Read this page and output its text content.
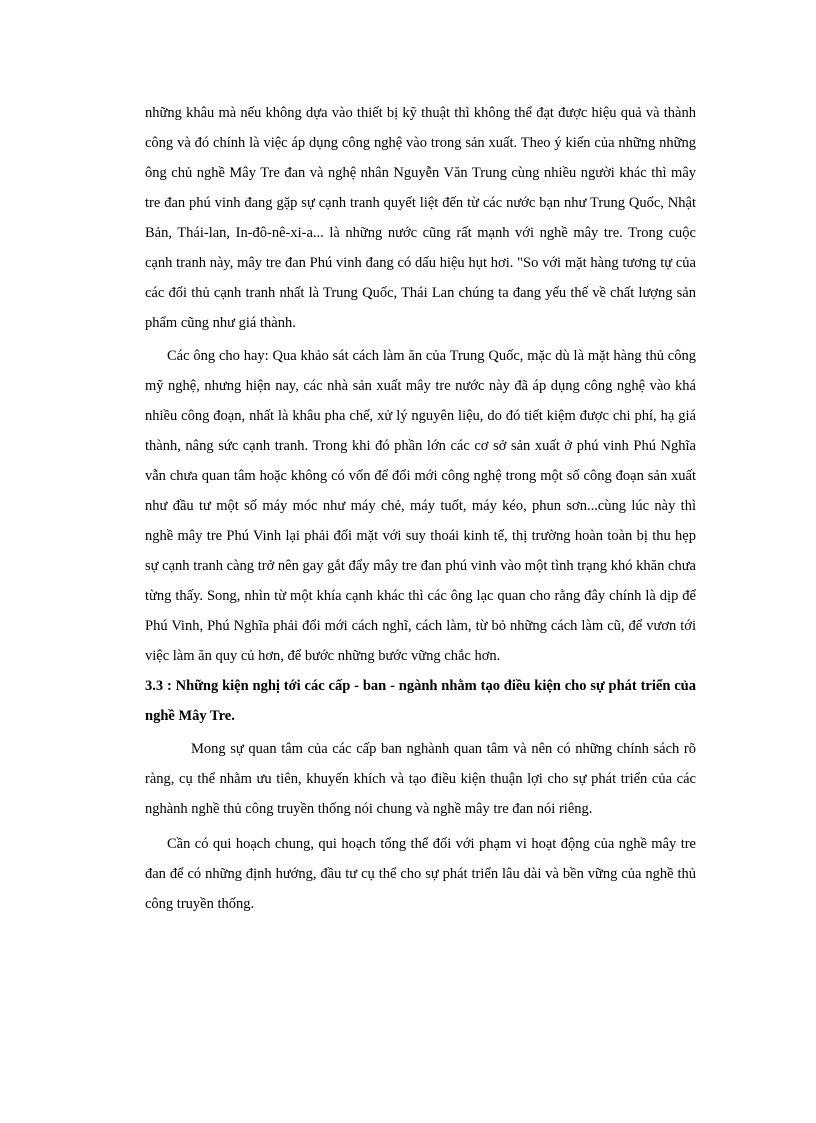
những khâu mà nếu không dựa vào thiết bị kỹ thuật thì không thể đạt được hiệu quả và thành công và đó chính là việc áp dụng công nghệ vào trong sản xuất. Theo ý kiến của những những ông chủ nghề Mây Tre đan và nghệ nhân Nguyễn Văn Trung cùng nhiều người khác thì mây tre đan phú vinh đang gặp sự cạnh tranh quyết liệt đến từ các nước bạn như Trung Quốc, Nhật Bản, Thái-lan, In-đô-nê-xi-a... là những nước cũng rất mạnh với nghề mây tre. Trong cuộc cạnh tranh này, mây tre đan Phú vinh đang có dấu hiệu hụt hơi. "So với mặt hàng tương tự của các đối thủ cạnh tranh nhất là Trung Quốc, Thái Lan chúng ta đang yếu thế về chất lượng sản phẩm cũng như giá thành.

Các ông cho hay: Qua khảo sát cách làm ăn của Trung Quốc, mặc dù là mặt hàng thủ công mỹ nghệ, nhưng hiện nay, các nhà sản xuất mây tre nước này đã áp dụng công nghệ vào khá nhiều công đoạn, nhất là khâu pha chế, xử lý nguyên liệu, do đó tiết kiệm được chi phí, hạ giá thành, nâng sức cạnh tranh. Trong khi đó phần lớn các cơ sở sản xuất ở phú vinh Phú Nghĩa vẫn chưa quan tâm hoặc không có vốn để đổi mới công nghệ trong một số công đoạn sản xuất như đầu tư một số máy móc như máy chẻ, máy tuốt, máy kéo, phun sơn...cùng lúc này thì nghề mây tre Phú Vinh lại phải đối mặt với suy thoái kinh tế, thị trường hoàn toàn bị thu hẹp sự cạnh tranh càng trở nên gay gắt đẩy mây tre đan phú vinh vào một tình trạng khó khăn chưa từng thấy. Song, nhìn từ một khía cạnh khác thì các ông lạc quan cho rằng đây chính là dịp để Phú Vinh, Phú Nghĩa phải đổi mới cách nghĩ, cách làm, từ bỏ những cách làm cũ, để vươn tới việc làm ăn quy củ hơn, để bước những bước vững chắc hơn.

3.3 : Những kiện nghị tới các cấp - ban - ngành nhằm tạo điều kiện cho sự phát triển của nghề Mây Tre.

Mong sự quan tâm của các cấp ban nghành quan tâm và nên có những chính sách rõ ràng, cụ thể nhằm ưu tiên, khuyến khích và tạo điều kiện thuận lợi cho sự phát triển của các nghành nghề thủ công truyền thống nói chung và nghề mây tre đan nói riêng.

Cần có qui hoạch chung, qui hoạch tổng thể đối với phạm vi hoạt động của nghề mây tre đan để có những định hướng, đầu tư cụ thể cho sự phát triển lâu dài và bền vững của nghề thủ công truyền thống.
